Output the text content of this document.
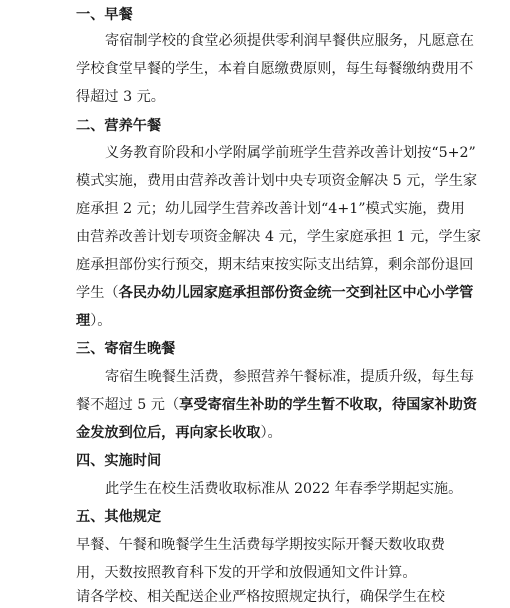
一、早餐
寄宿制学校的食堂必须提供零利润早餐供应服务，凡愿意在
学校食堂早餐的学生，本着自愿缴费原则，每生每餐缴纳费用不
得超过 3 元。
二、营养午餐
义务教育阶段和小学附属学前班学生营养改善计划按“5+2”
模式实施，费用由营养改善计划中央专项资金解决 5 元，学生家
庭承担 2 元；幼儿园学生营养改善计划“4+1”模式实施，费用
由营养改善计划专项资金解决 4 元，学生家庭承担 1 元，学生家
庭承担部份实行预交，期末结束按实际支出结算，剩余部份退回
学生（各民办幼儿园家庭承担部份资金统一交到社区中心小学管
理）。
三、寄宿生晚餐
寄宿生晚餐生活费，参照营养午餐标准，提质升级，每生每
餐不超过 5 元（享受寄宿生补助的学生暂不收取，待国家补助资
金发放到位后，再向家长收取）。
四、实施时间
此学生在校生活费收取标准从 2022 年春季学期起实施。
五、其他规定
早餐、午餐和晚餐学生生活费每学期按实际开餐天数收取费
用，天数按照教育科下发的开学和放假通知文件计算。
请各学校、相关配送企业严格按照规定执行，确保学生在校
